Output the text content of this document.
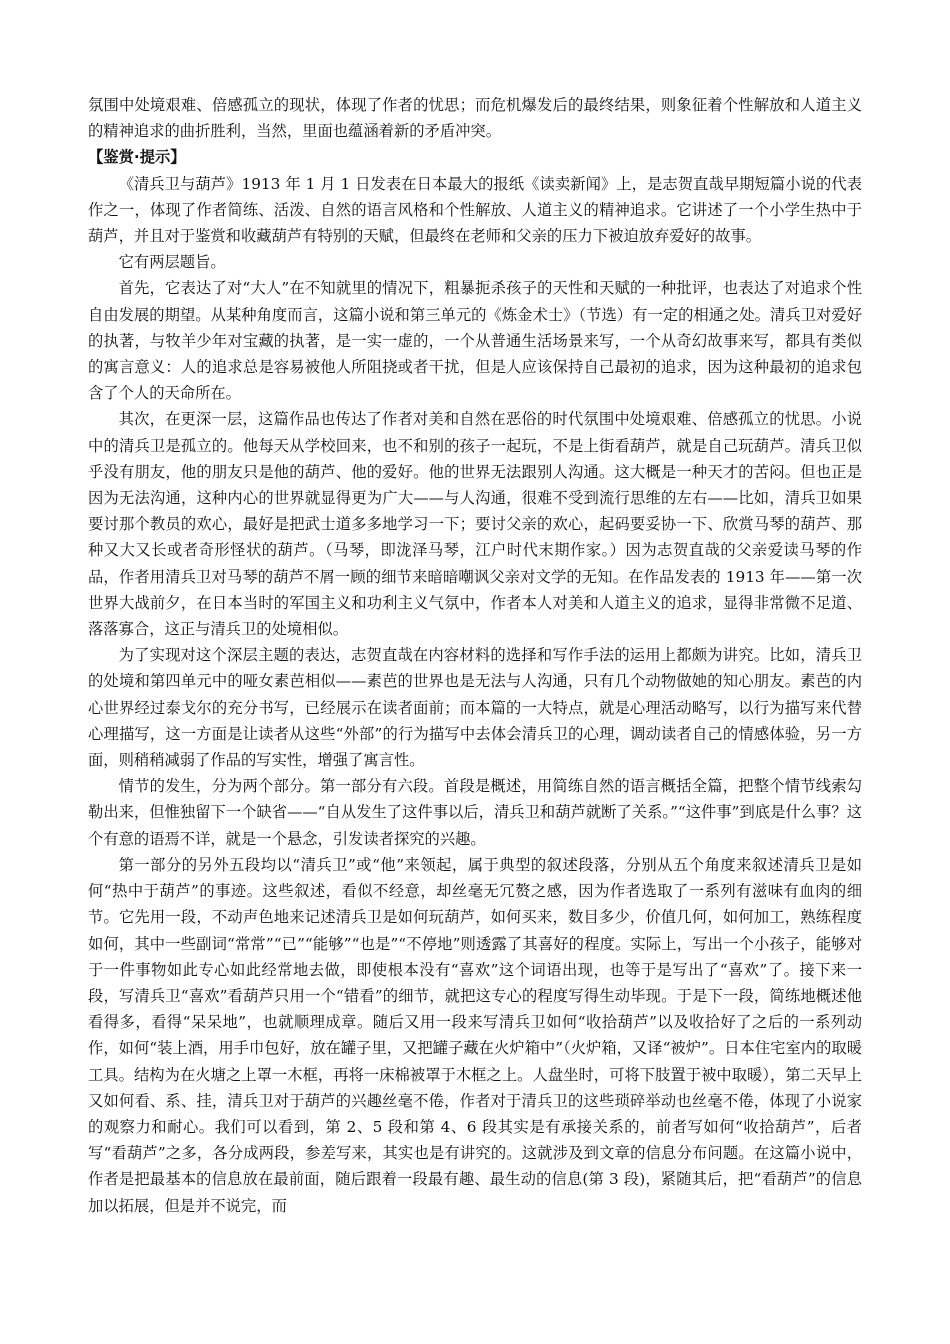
氛围中处境艰难、倍感孤立的现状，体现了作者的忧思；而危机爆发后的最终结果，则象征着个性解放和人道主义的精神追求的曲折胜利，当然，里面也蕴涵着新的矛盾冲突。

【鉴赏·提示】

《清兵卫与葫芦》1913 年 1 月 1 日发表在日本最大的报纸《读卖新闻》上，是志贺直哉早期短篇小说的代表作之一，体现了作者简练、活泼、自然的语言风格和个性解放、人道主义的精神追求。它讲述了一个小学生热中于葫芦，并且对于鉴赏和收藏葫芦有特别的天赋，但最终在老师和父亲的压力下被迫放弃爱好的故事。

它有两层题旨。

首先，它表达了对“大人”在不知就里的情况下，粗暴扼杀孩子的天性和天赋的一种批评，也表达了对追求个性自由发展的期望。从某种角度而言，这篇小说和第三单元的《炼金术士》（节选）有一定的相通之处。清兵卫对爱好的执著，与牧羊少年对宝藏的执著，是一实一虚的，一个从普通生活场景来写，一个从奇幻故事来写，都具有类似的寓言意义：人的追求总是容易被他人所阻挠或者干扰，但是人应该保持自己最初的追求，因为这种最初的追求包含了个人的天命所在。

其次，在更深一层，这篇作品也传达了作者对美和自然在恶俗的时代氛围中处境艰难、倍感孤立的忧思。小说中的清兵卫是孤立的。他每天从学校回来，也不和别的孩子一起玩，不是上街看葫芦，就是自己玩葫芦。清兵卫似乎没有朋友，他的朋友只是他的葫芦、他的爱好。他的世界无法跟别人沟通。这大概是一种天才的苦闷。但也正是因为无法沟通，这种内心的世界就显得更为广大——与人沟通，很难不受到流行思维的左右——比如，清兵卫如果要讨那个教员的欢心，最好是把武士道多多地学习一下；要讨父亲的欢心，起码要妥协一下、欣赏马琴的葫芦、那种又大又长或者奇形怪状的葫芦。（马琴，即泷泽马琴，江户时代末期作家。）因为志贺直哉的父亲爱读马琴的作品，作者用清兵卫对马琴的葫芦不屑一顾的细节来暗暗嘲讽父亲对文学的无知。在作品发表的 1913 年——第一次世界大战前夕，在日本当时的军国主义和功利主义气氛中，作者本人对美和人道主义的追求，显得非常微不足道、落落寡合，这正与清兵卫的处境相似。

为了实现对这个深层主题的表达，志贺直哉在内容材料的选择和写作手法的运用上都颇为讲究。比如，清兵卫的处境和第四单元中的哑女素芭相似——素芭的世界也是无法与人沟通，只有几个动物做她的知心朋友。素芭的内心世界经过泰戈尔的充分书写，已经展示在读者面前；而本篇的一大特点，就是心理活动略写，以行为描写来代替心理描写，这一方面是让读者从这些“外部”的行为描写中去体会清兵卫的心理，调动读者自己的情感体验，另一方面，则稍稍减弱了作品的写实性，增强了寓言性。

情节的发生，分为两个部分。第一部分有六段。首段是概述，用简练自然的语言概括全篇，把整个情节线索勾勒出来，但惟独留下一个缺省——“自从发生了这件事以后，清兵卫和葫芦就断了关系。”“这件事”到底是什么事？这个有意的语焉不详，就是一个悬念，引发读者探究的兴趣。

第一部分的另外五段均以“清兵卫”或“他”来领起，属于典型的叙述段落，分别从五个角度来叙述清兵卫是如何“热中于葫芦”的事迹。这些叙述，看似不经意，却丝毫无冗赘之感，因为作者选取了一系列有滋味有血肉的细节。它先用一段，不动声色地来记述清兵卫是如何玩葫芦，如何买来，数目多少，价值几何，如何加工，熟练程度如何，其中一些副词“常常”“已”“能够”“也是”“不停地”则透露了其喜好的程度。实际上，写出一个小孩子，能够对于一件事物如此专心如此经常地去做，即使根本没有“喜欢”这个词语出现，也等于是写出了“喜欢”了。接下来一段，写清兵卫“喜欢”看葫芦只用一个“错看”的细节，就把这专心的程度写得生动毕现。于是下一段，简练地概述他看得多，看得“呆呆地”，也就顺理成章。随后又用一段来写清兵卫如何“收拾葫芦”以及收拾好了之后的一系列动作，如何“装上酒，用手巾包好，放在罐子里，又把罐子藏在火炉箱中”（火炉箱，又译“被炉”。日本住宅室内的取暖工具。结构为在火塘之上罩一木框，再将一床棉被罩于木框之上。人盘坐时，可将下肢置于被中取暖），第二天早上又如何看、系、挂，清兵卫对于葫芦的兴趣丝毫不倦，作者对于清兵卫的这些琐碎举动也丝毫不倦，体现了小说家的观察力和耐心。我们可以看到，第 2、5 段和第 4、6 段其实是有承接关系的，前者写如何“收拾葫芦”，后者写“看葫芦”之多，各分成两段，参差写来，其实也是有讲究的。这就涉及到文章的信息分布问题。在这篇小说中，作者是把最基本的信息放在最前面，随后跟着一段最有趣、最生动的信息(第 3 段)，紧随其后，把“看葫芦”的信息加以拓展，但是并不说完，而
